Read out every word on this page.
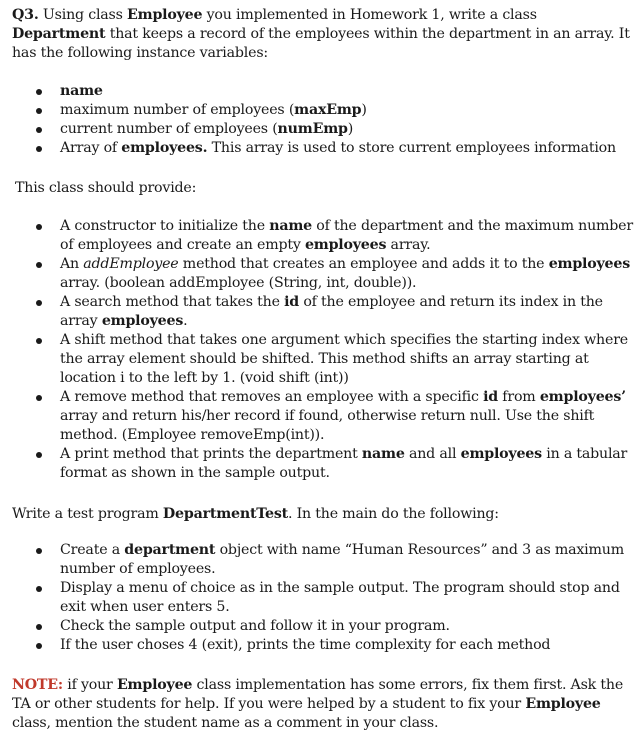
Q3. Using class Employee you implemented in Homework 1, write a class Department that keeps a record of the employees within the department in an array. It has the following instance variables:

name
maximum number of employees (maxEmp)
current number of employees (numEmp)
Array of employees. This array is used to store current employees information

This class should provide:

A constructor to initialize the name of the department and the maximum number of employees and create an empty employees array.
An addEmployee method that creates an employee and adds it to the employees array. (boolean addEmployee (String, int, double)).
A search method that takes the id of the employee and return its index in the array employees.
A shift method that takes one argument which specifies the starting index where the array element should be shifted. This method shifts an array starting at location i to the left by 1. (void shift (int))
A remove method that removes an employee with a specific id from employees’ array and return his/her record if found, otherwise return null. Use the shift method. (Employee removeEmp(int)).
A print method that prints the department name and all employees in a tabular format as shown in the sample output.

Write a test program DepartmentTest. In the main do the following:

Create a department object with name “Human Resources” and 3 as maximum number of employees.
Display a menu of choice as in the sample output. The program should stop and exit when user enters 5.
Check the sample output and follow it in your program.
If the user choses 4 (exit), prints the time complexity for each method

NOTE: if your Employee class implementation has some errors, fix them first. Ask the TA or other students for help. If you were helped by a student to fix your Employee class, mention the student name as a comment in your class.
